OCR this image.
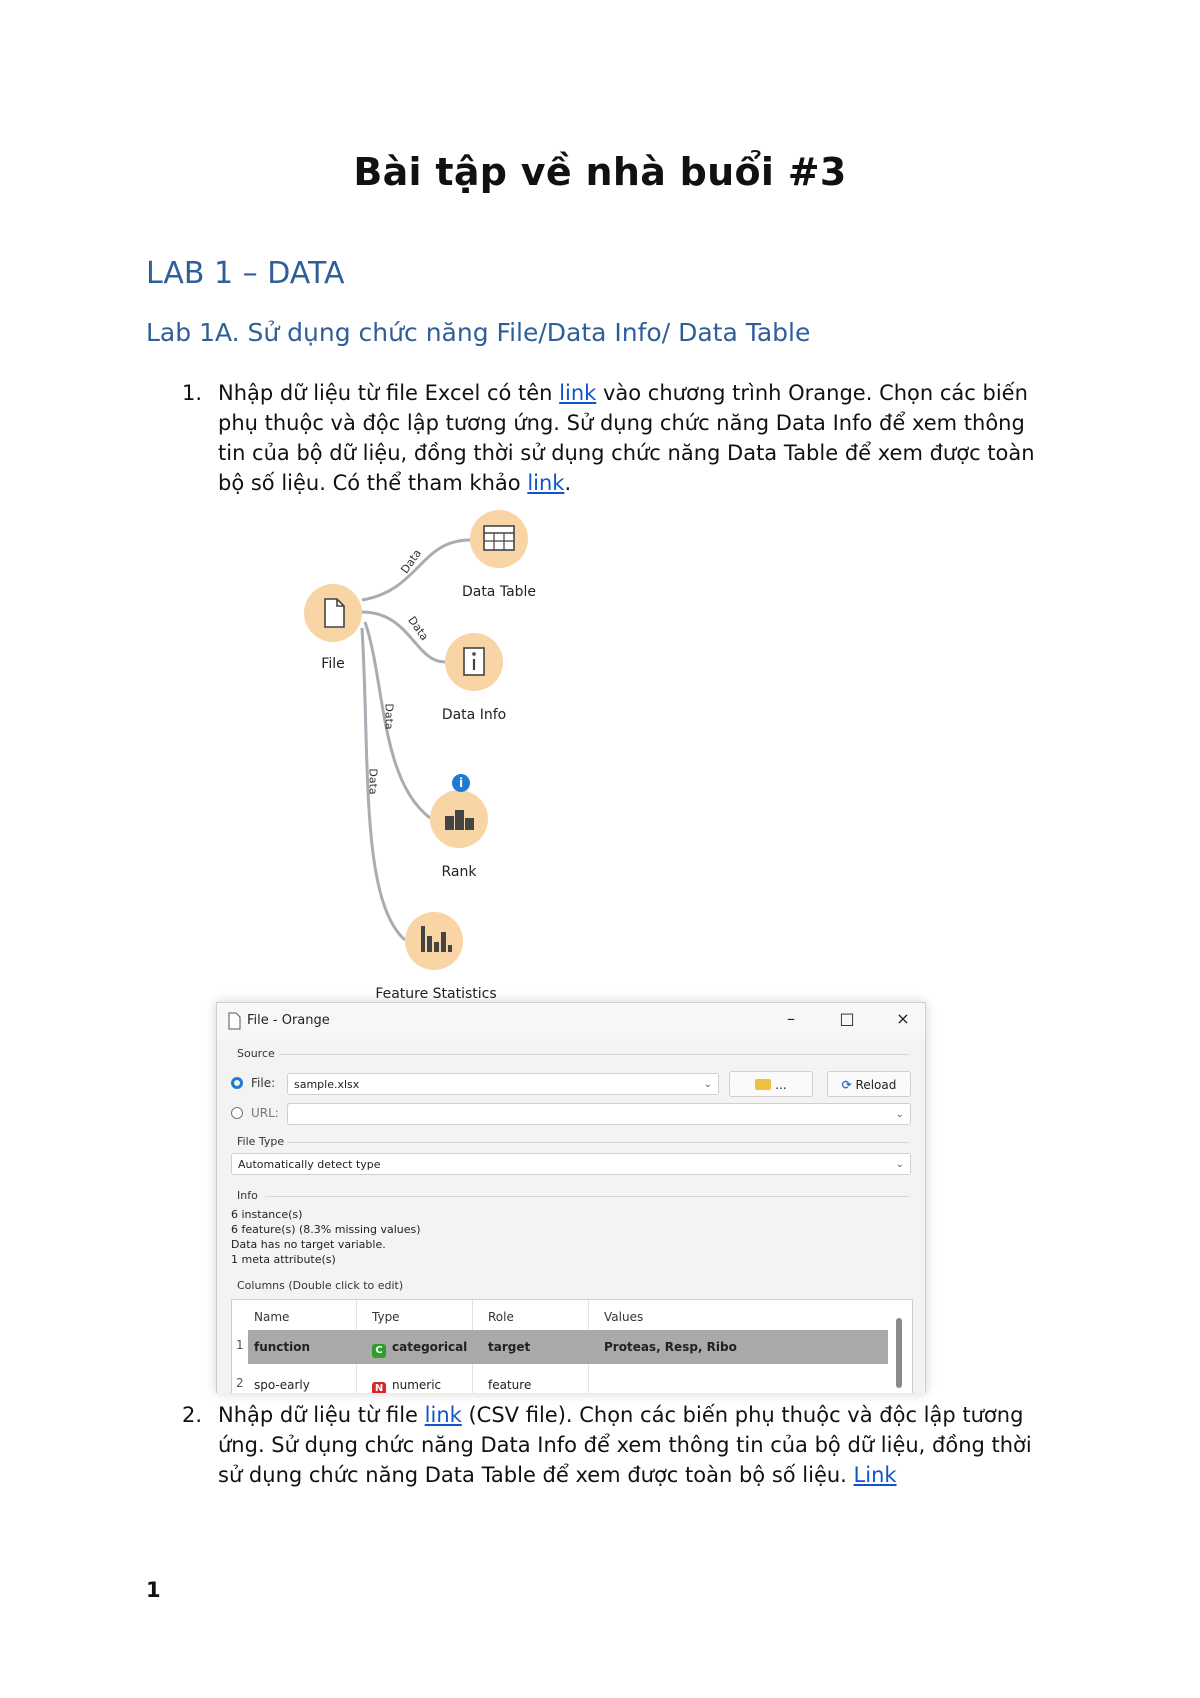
Bài tập về nhà buổi #3
LAB 1 – DATA
Lab 1A. Sử dụng chức năng File/Data Info/ Data Table
1. Nhập dữ liệu từ file Excel có tên link vào chương trình Orange. Chọn các biến phụ thuộc và độc lập tương ứng. Sử dụng chức năng Data Info để xem thông tin của bộ dữ liệu, đồng thời sử dụng chức năng Data Table để xem được toàn bộ số liệu. Có thể tham khảo link.
File
Data Table
Data Info
i
Rank
Feature Statistics
Data
Data
Data
Data
File - Orange	–	□	×
Source
File:	sample.xlsx	⌄	...	⟳ Reload
URL:	⌄
File Type
Automatically detect type	⌄
Info
6 instance(s)
6 feature(s) (8.3% missing values)
Data has no target variable.
1 meta attribute(s)
Columns (Double click to edit)
Name	Type	Role	Values
1 function	C categorical target	Proteas, Resp, Ribo
2 spo-early	N numeric	feature
2. Nhập dữ liệu từ file link (CSV file). Chọn các biến phụ thuộc và độc lập tương ứng. Sử dụng chức năng Data Info để xem thông tin của bộ dữ liệu, đồng thời sử dụng chức năng Data Table để xem được toàn bộ số liệu. Link
1
